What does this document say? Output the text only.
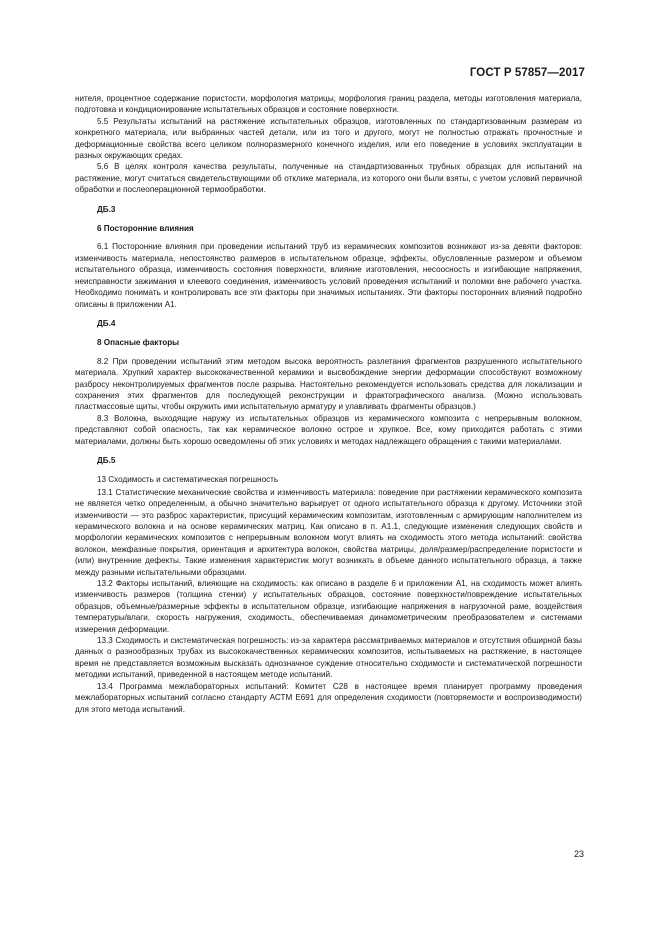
ГОСТ Р 57857—2017

нителя, процентное содержание пористости, морфология матрицы, морфология границ раздела, методы изготовления материала, подготовка и кондиционирование испытательных образцов и состояние поверхности.

5.5 Результаты испытаний на растяжение испытательных образцов, изготовленных по стандартизованным размерам из конкретного материала, или выбранных частей детали, или из того и другого, могут не полностью отражать прочностные и деформационные свойства всего целиком полноразмерного конечного изделия, или его поведение в условиях эксплуатации в разных окружающих средах.

5.6 В целях контроля качества результаты, полученные на стандартизованных трубных образцах для испытаний на растяжение, могут считаться свидетельствующими об отклике материала, из которого они были взяты, с учетом условий первичной обработки и послеоперационной термообработки.

ДБ.3

6 Посторонние влияния

6.1 Посторонние влияния при проведении испытаний труб из керамических композитов возникают из-за девяти факторов: изменчивость материала, непостоянство размеров в испытательном образце, эффекты, обусловленные размером и объемом испытательного образца, изменчивость состояния поверхности, влияние изготовления, несоосность и изгибающие напряжения, неисправности зажимания и клеевого соединения, изменчивость условий проведения испытаний и поломки вне рабочего участка. Необходимо понимать и контролировать все эти факторы при значимых испытаниях. Эти факторы посторонних влияний подробно описаны в приложении А1.

ДБ.4

8 Опасные факторы

8.2 При проведении испытаний этим методом высока вероятность разлетания фрагментов разрушенного испытательного материала. Хрупкий характер высококачественной керамики и высвобождение энергии деформации способствуют возможному разбросу неконтролируемых фрагментов после разрыва. Настоятельно рекомендуется использовать средства для локализации и сохранения этих фрагментов для последующей реконструкции и фрактографического анализа. (Можно использовать пластмассовые щиты, чтобы окружить ими испытательную арматуру и улавливать фрагменты образцов.)

8.3 Волокна, выходящие наружу из испытательных образцов из керамического композита с непрерывным волокном, представляют собой опасность, так как керамическое волокно острое и хрупкое. Все, кому приходится работать с этими материалами, должны быть хорошо осведомлены об этих условиях и методах надлежащего обращения с такими материалами.

ДБ.5

13 Сходимость и систематическая погрешность

13.1 Статистические механические свойства и изменчивость материала: поведение при растяжении керамического композита не является четко определенным, а обычно значительно варьирует от одного испытательного образца к другому. Источники этой изменчивости — это разброс характеристик, присущий керамическим композитам, изготовленным с армирующим наполнителем из керамического волокна и на основе керамических матриц. Как описано в п. А1.1, следующие изменения следующих свойств и морфологии керамических композитов с непрерывным волокном могут влиять на сходимость этого метода испытаний: свойства волокон, межфазные покрытия, ориентация и архитектура волокон, свойства матрицы, доля/размер/распределение пористости и (или) внутренние дефекты. Такие изменения характеристик могут возникать в объеме данного испытательного образца, а также между разными испытательными образцами.

13.2 Факторы испытаний, влияющие на сходимость: как описано в разделе 6 и приложении А1, на сходимость может влиять изменчивость размеров (толщина стенки) у испытательных образцов, состояние поверхности/повреждение испытательных образцов, объемные/размерные эффекты в испытательном образце, изгибающие напряжения в нагрузочной раме, воздействия температуры/влаги, скорость нагружения, сходимость, обеспечиваемая динамометрическим преобразователем и системами измерения деформации.

13.3 Сходимость и систематическая погрешность: из-за характера рассматриваемых материалов и отсутствия обширной базы данных о разнообразных трубах из высококачественных керамических композитов, испытываемых на растяжение, в настоящее время не представляется возможным высказать однозначное суждение относительно сходимости и систематической погрешности методики испытаний, приведенной в настоящем методе испытаний.

13.4 Программа межлабораторных испытаний: Комитет С28 в настоящее время планирует программу проведения межлабораторных испытаний согласно стандарту АСТМ Е691 для определения сходимости (повторяемости и воспроизводимости) для этого метода испытаний.

23
